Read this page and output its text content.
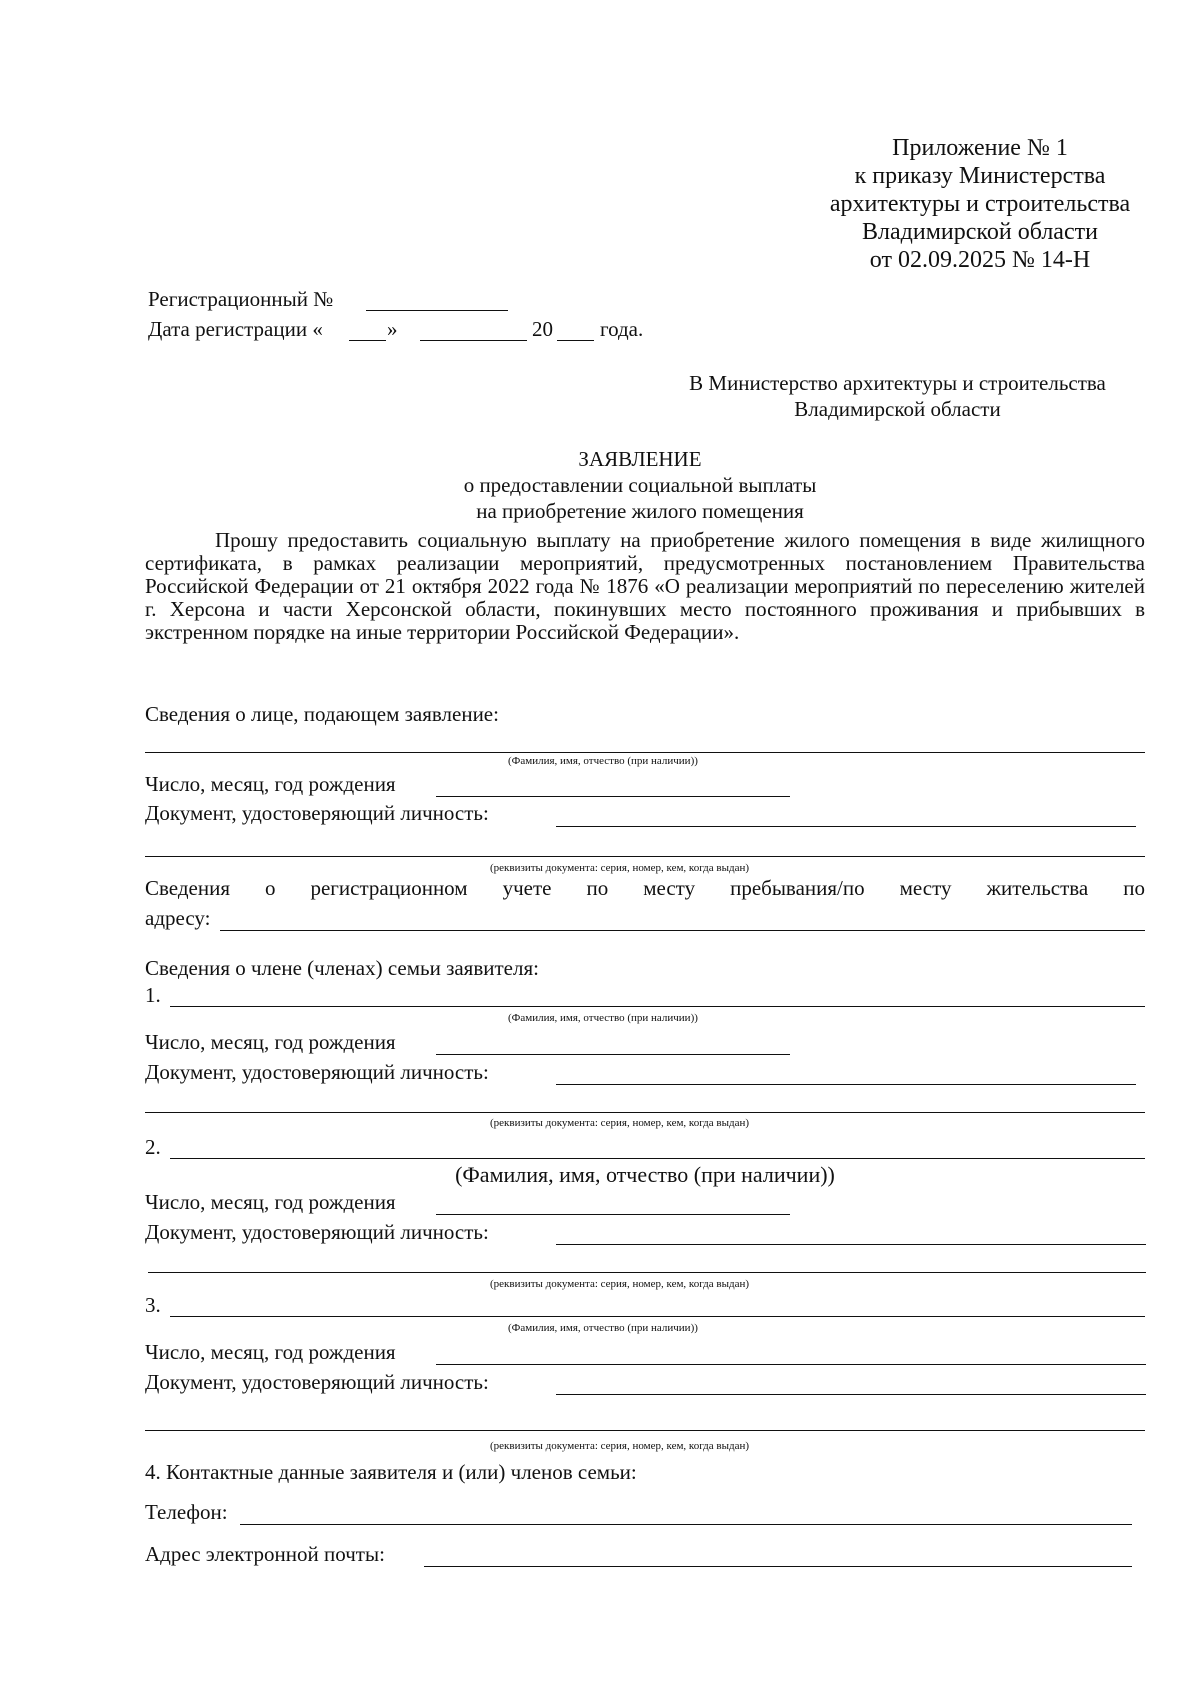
Приложение № 1
к приказу Министерства
архитектуры и строительства
Владимирской области
от 02.09.2025 № 14-Н
Регистрационный №
Дата регистрации «	»	20 года.
В Министерство архитектуры и строительства
Владимирской области
ЗАЯВЛЕНИЕ
о предоставлении социальной выплаты
на приобретение жилого помещения

Прошу предоставить социальную выплату на приобретение жилого помещения в виде жилищного сертификата, в рамках реализации мероприятий, предусмотренных постановлением Правительства Российской Федерации от 21 октября 2022 года № 1876 «О реализации мероприятий по переселению жителей г. Херсона и части Херсонской области, покинувших место постоянного проживания и прибывших в экстренном порядке на иные территории Российской Федерации».

Сведения о лице, подающем заявление:
(Фамилия, имя, отчество (при наличии))
Число, месяц, год рождения
Документ, удостоверяющий личность:
(реквизиты документа: серия, номер, кем, когда выдан)
Сведения о регистрационном учете по месту пребывания/по месту жительства по
адресу:
Сведения о члене (членах) семьи заявителя:
1.
(Фамилия, имя, отчество (при наличии))
Число, месяц, год рождения
Документ, удостоверяющий личность:
(реквизиты документа: серия, номер, кем, когда выдан)
2.
(Фамилия, имя, отчество (при наличии))
Число, месяц, год рождения
Документ, удостоверяющий личность:
(реквизиты документа: серия, номер, кем, когда выдан)
3.
(Фамилия, имя, отчество (при наличии))
Число, месяц, год рождения
Документ, удостоверяющий личность:
(реквизиты документа: серия, номер, кем, когда выдан)
4. Контактные данные заявителя и (или) членов семьи:
Телефон:
Адрес электронной почты:
